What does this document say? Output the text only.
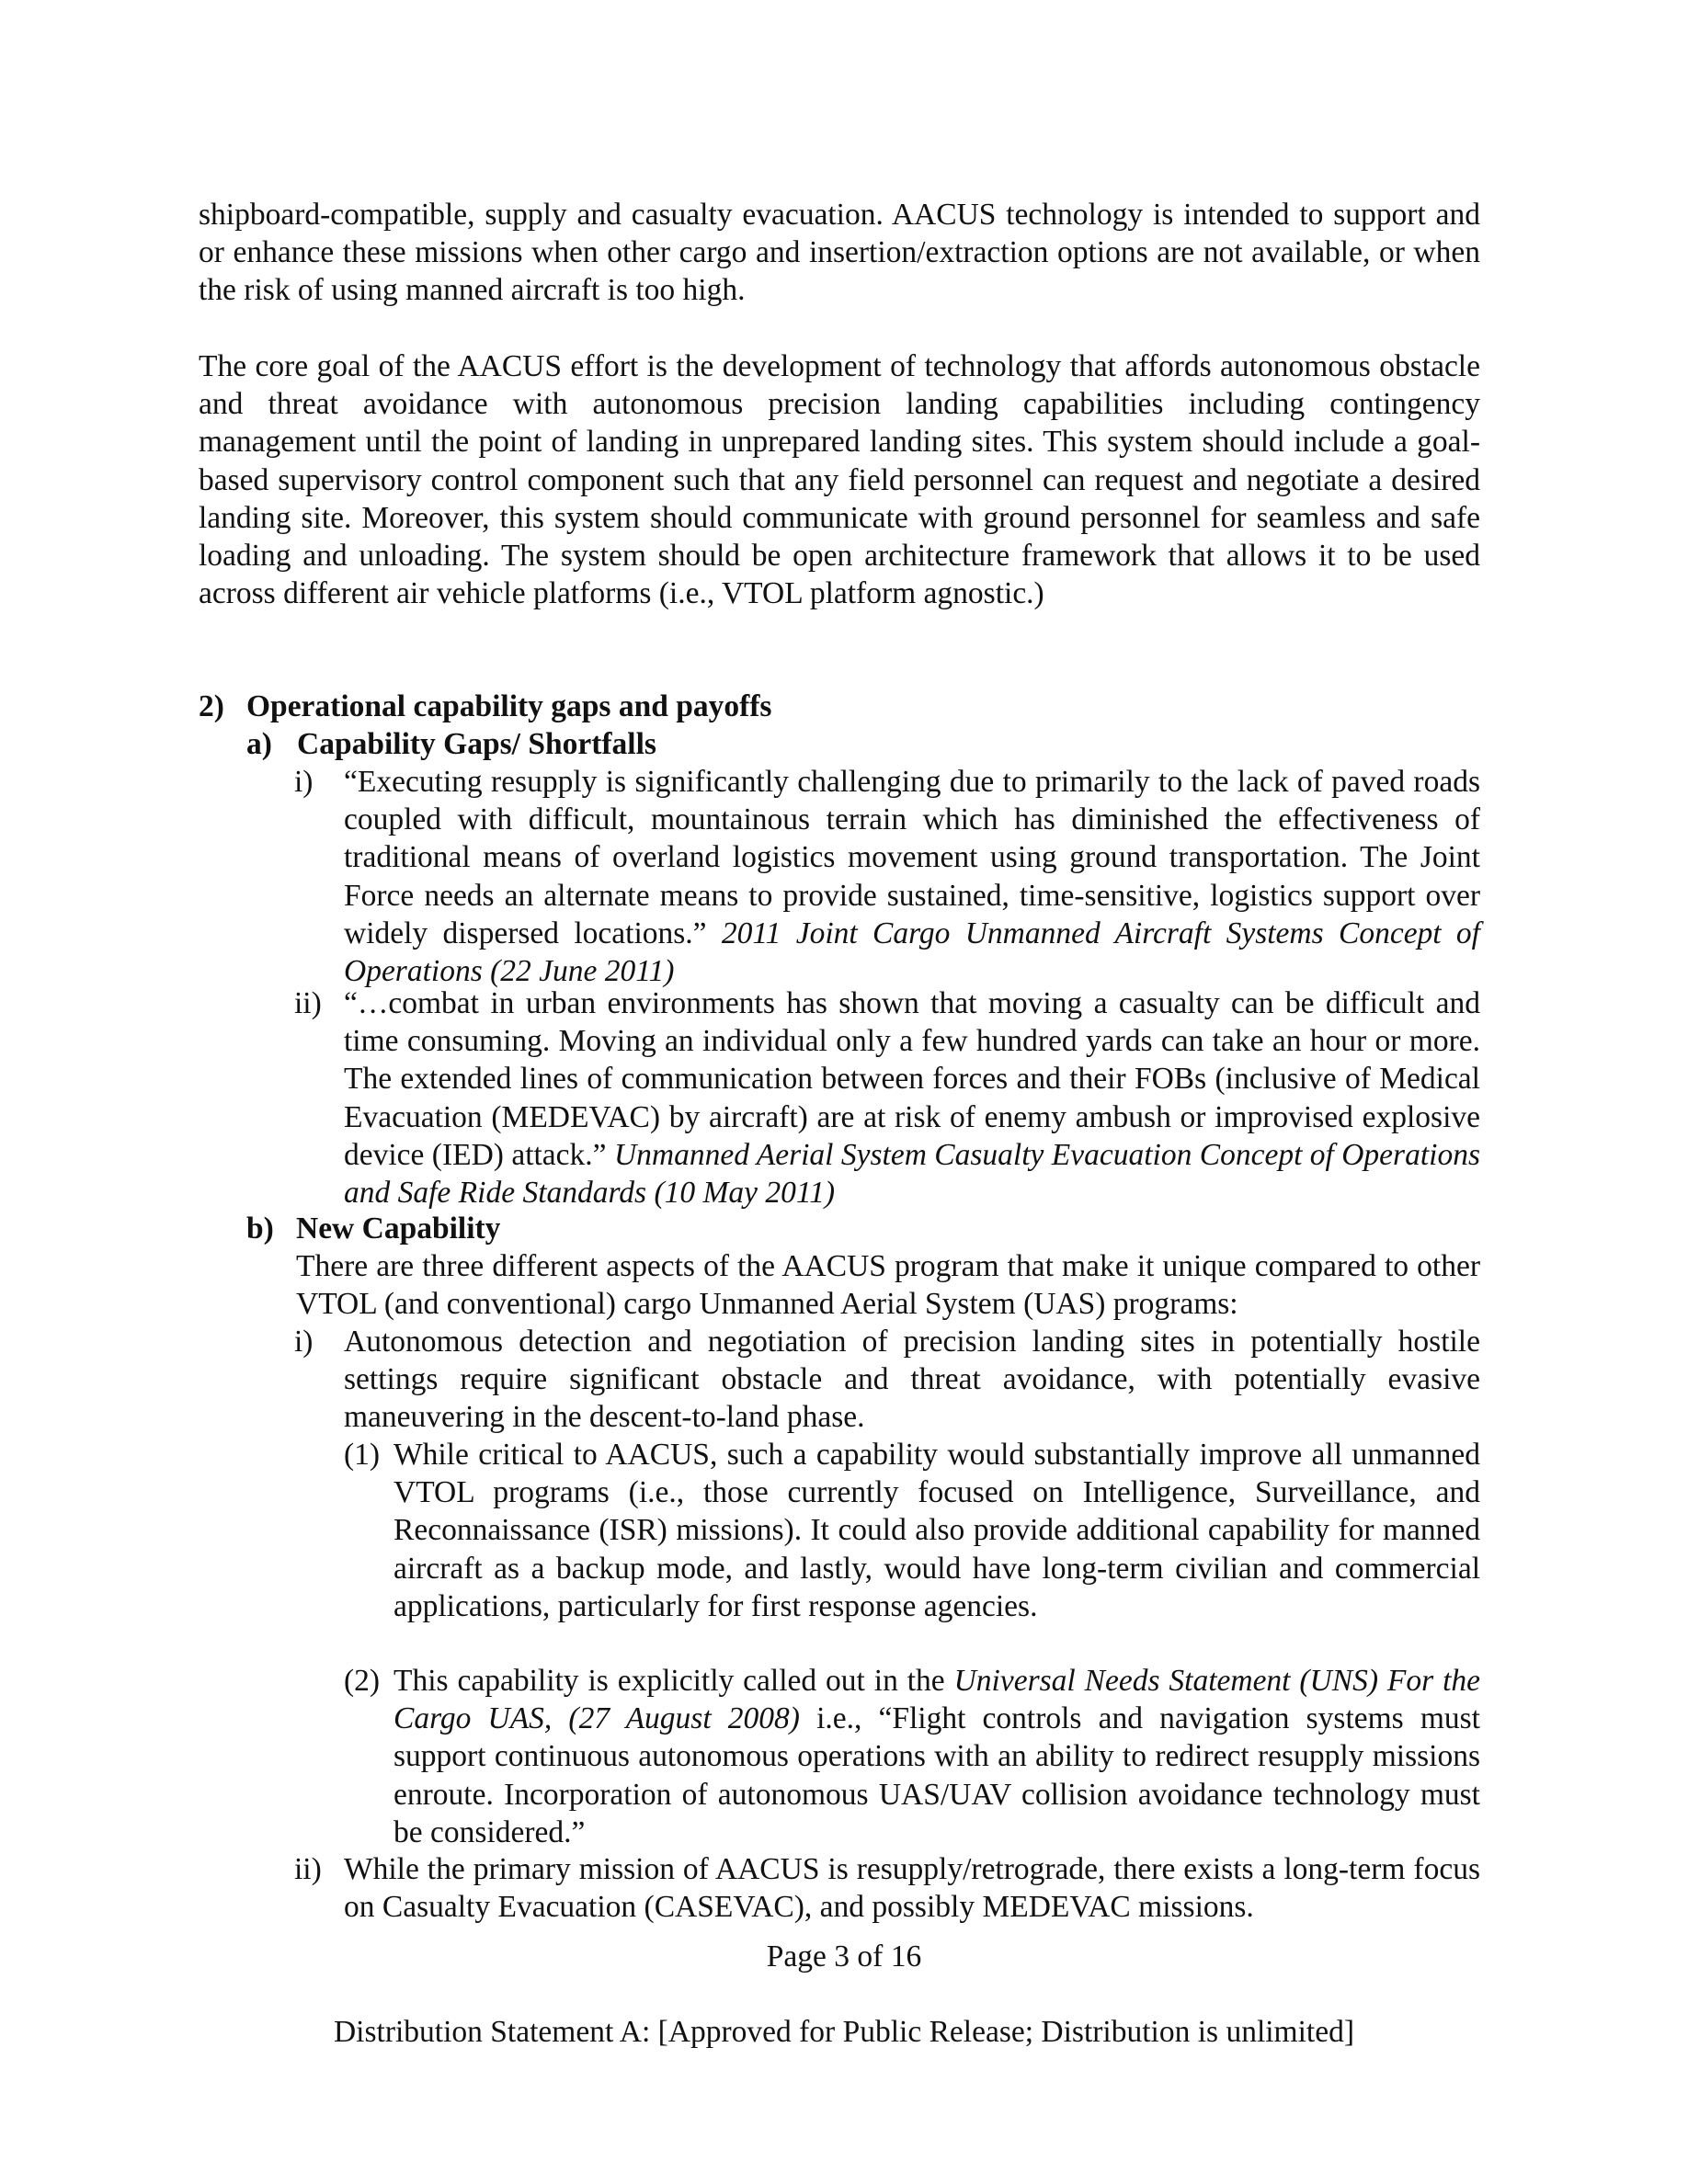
shipboard-compatible, supply and casualty evacuation. AACUS technology is intended to support and or enhance these missions when other cargo and insertion/extraction options are not available, or when the risk of using manned aircraft is too high.
The core goal of the AACUS effort is the development of technology that affords autonomous obstacle and threat avoidance with autonomous precision landing capabilities including contingency management until the point of landing in unprepared landing sites. This system should include a goal-based supervisory control component such that any field personnel can request and negotiate a desired landing site. Moreover, this system should communicate with ground personnel for seamless and safe loading and unloading. The system should be open architecture framework that allows it to be used across different air vehicle platforms (i.e., VTOL platform agnostic.)
2) Operational capability gaps and payoffs
a) Capability Gaps/ Shortfalls
i) “Executing resupply is significantly challenging due to primarily to the lack of paved roads coupled with difficult, mountainous terrain which has diminished the effectiveness of traditional means of overland logistics movement using ground transportation. The Joint Force needs an alternate means to provide sustained, time-sensitive, logistics support over widely dispersed locations.” 2011 Joint Cargo Unmanned Aircraft Systems Concept of Operations (22 June 2011)
ii) “…combat in urban environments has shown that moving a casualty can be difficult and time consuming. Moving an individual only a few hundred yards can take an hour or more. The extended lines of communication between forces and their FOBs (inclusive of Medical Evacuation (MEDEVAC) by aircraft) are at risk of enemy ambush or improvised explosive device (IED) attack.” Unmanned Aerial System Casualty Evacuation Concept of Operations and Safe Ride Standards (10 May 2011)
b) New Capability
There are three different aspects of the AACUS program that make it unique compared to other VTOL (and conventional) cargo Unmanned Aerial System (UAS) programs:
i) Autonomous detection and negotiation of precision landing sites in potentially hostile settings require significant obstacle and threat avoidance, with potentially evasive maneuvering in the descent-to-land phase.
(1) While critical to AACUS, such a capability would substantially improve all unmanned VTOL programs (i.e., those currently focused on Intelligence, Surveillance, and Reconnaissance (ISR) missions). It could also provide additional capability for manned aircraft as a backup mode, and lastly, would have long-term civilian and commercial applications, particularly for first response agencies.
(2) This capability is explicitly called out in the Universal Needs Statement (UNS) For the Cargo UAS, (27 August 2008) i.e., “Flight controls and navigation systems must support continuous autonomous operations with an ability to redirect resupply missions enroute. Incorporation of autonomous UAS/UAV collision avoidance technology must be considered.”
ii) While the primary mission of AACUS is resupply/retrograde, there exists a long-term focus on Casualty Evacuation (CASEVAC), and possibly MEDEVAC missions.
Page 3 of 16
Distribution Statement A: [Approved for Public Release; Distribution is unlimited]
